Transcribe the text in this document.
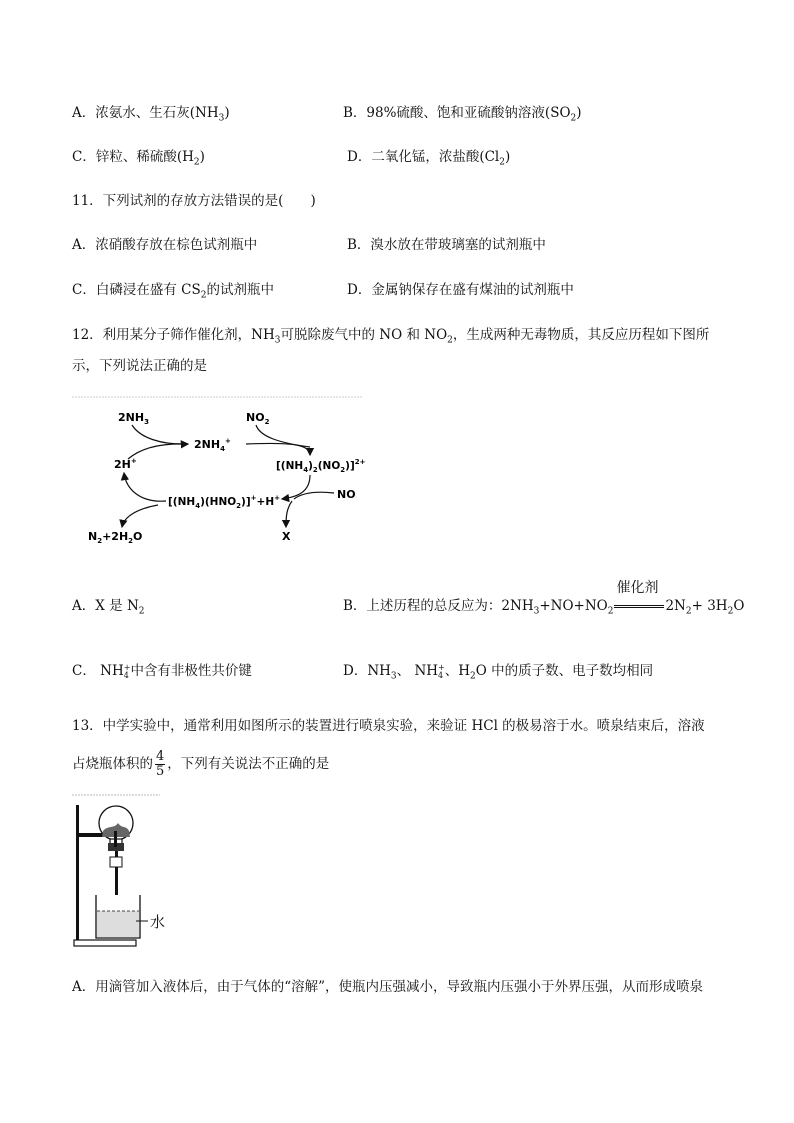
A．浓氨水、生石灰$(NH_3)$	B．98%硫酸、饱和亚硫酸钠溶液$(SO_2)$
C．锌粒、稀硫酸$(H_2)$	D．二氧化锰，浓盐酸$(Cl_2)$
11．下列试剂的存放方法错误的是(　　)
A．浓硝酸存放在棕色试剂瓶中	B．溴水放在带玻璃塞的试剂瓶中
C．白磷浸在盛有 $CS_2$的试剂瓶中	D．金属钠保存在盛有煤油的试剂瓶中
12．利用某分子筛作催化剂，$NH_3$可脱除废气中的 NO 和 $NO_2$，生成两种无毒物质，其反应历程如下图所
示，下列说法正确的是
$2NH_3$	$NO_2$
$2NH_4^+$
2H+	$[(NH_4)_2(NO_2)]^{2+}$
$[(NH_4)(HNO_2)]^++H^+$	NO
X
$N_2+2H_2O$
A．X 是 $N_2$	B．上述历程的总反应为：$2NH_3+NO+NO_2$
催化剂
$2N_2+ 3H_2O$
C． NH +
4 中含有非极性共价键	D．$NH_3$、 NH +
4 、$H_2O$ 中的质子数、电子数均相同
13．中学实验中，通常利用如图所示的装置进行喷泉实验，来验证 HCl 的极易溶于水。喷泉结束后，溶液
占烧瓶体积的 $\frac{4}{5}$ ，下列有关说法不正确的是
水
A．用滴管加入液体后，由于气体的“溶解”，使瓶内压强减小，导致瓶内压强小于外界压强，从而形成喷泉
